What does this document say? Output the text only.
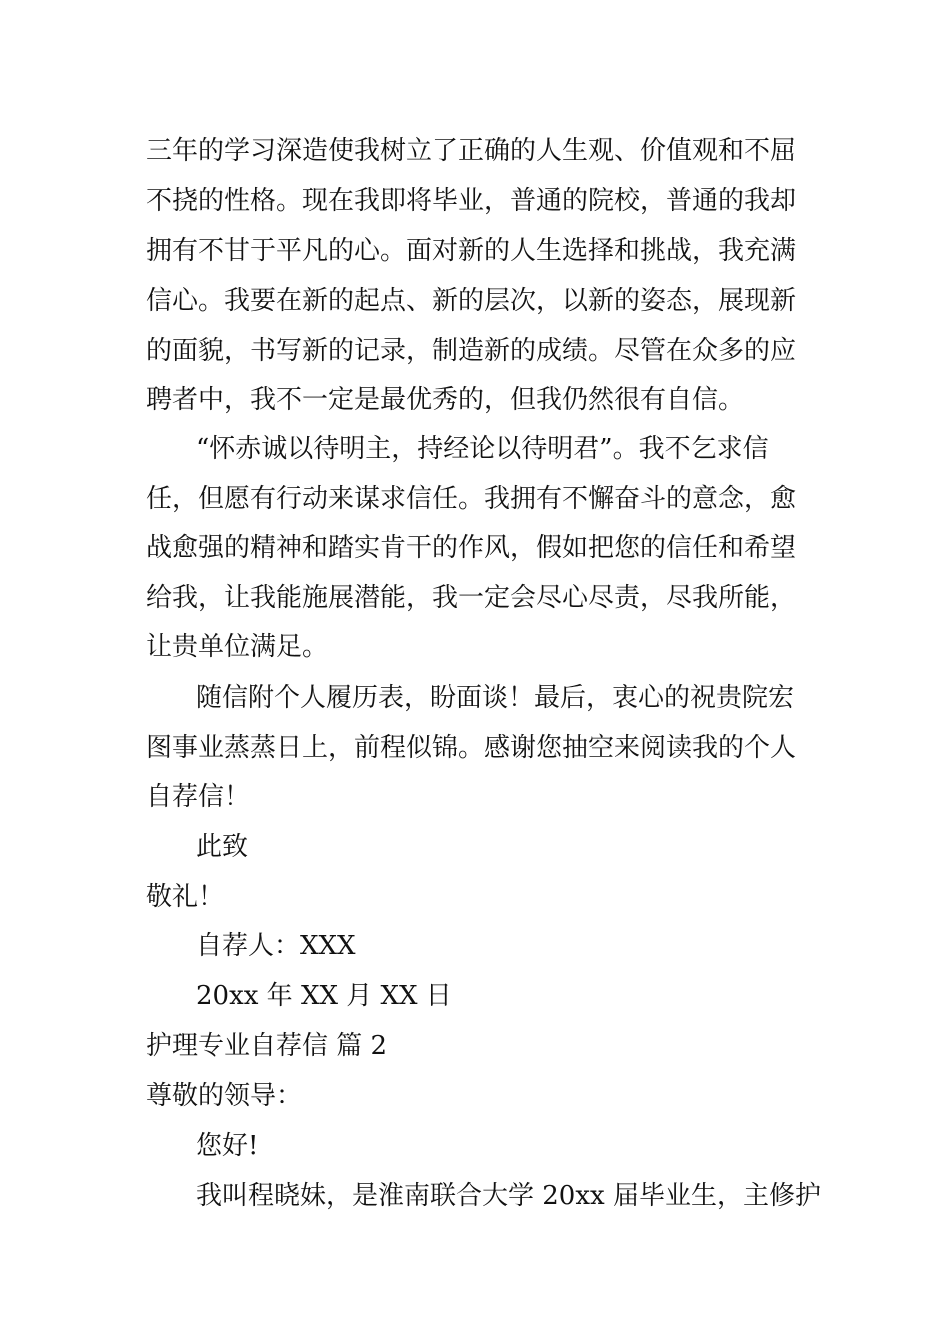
三年的学习深造使我树立了正确的人生观、价值观和不屈
不挠的性格。现在我即将毕业，普通的院校，普通的我却
拥有不甘于平凡的心。面对新的人生选择和挑战，我充满
信心。我要在新的起点、新的层次，以新的姿态，展现新
的面貌，书写新的记录，制造新的成绩。尽管在众多的应
聘者中，我不一定是最优秀的，但我仍然很有自信。
“怀赤诚以待明主，持经论以待明君”。我不乞求信
任，但愿有行动来谋求信任。我拥有不懈奋斗的意念，愈
战愈强的精神和踏实肯干的作风，假如把您的信任和希望
给我，让我能施展潜能，我一定会尽心尽责，尽我所能，
让贵单位满足。
随信附个人履历表，盼面谈！最后，衷心的祝贵院宏
图事业蒸蒸日上，前程似锦。感谢您抽空来阅读我的个人
自荐信！
此致
敬礼！
自荐人：XXX
20xx 年 XX 月 XX 日
护理专业自荐信 篇 2
尊敬的领导：
您好!
我叫程晓妹，是淮南联合大学 20xx 届毕业生，主修护
